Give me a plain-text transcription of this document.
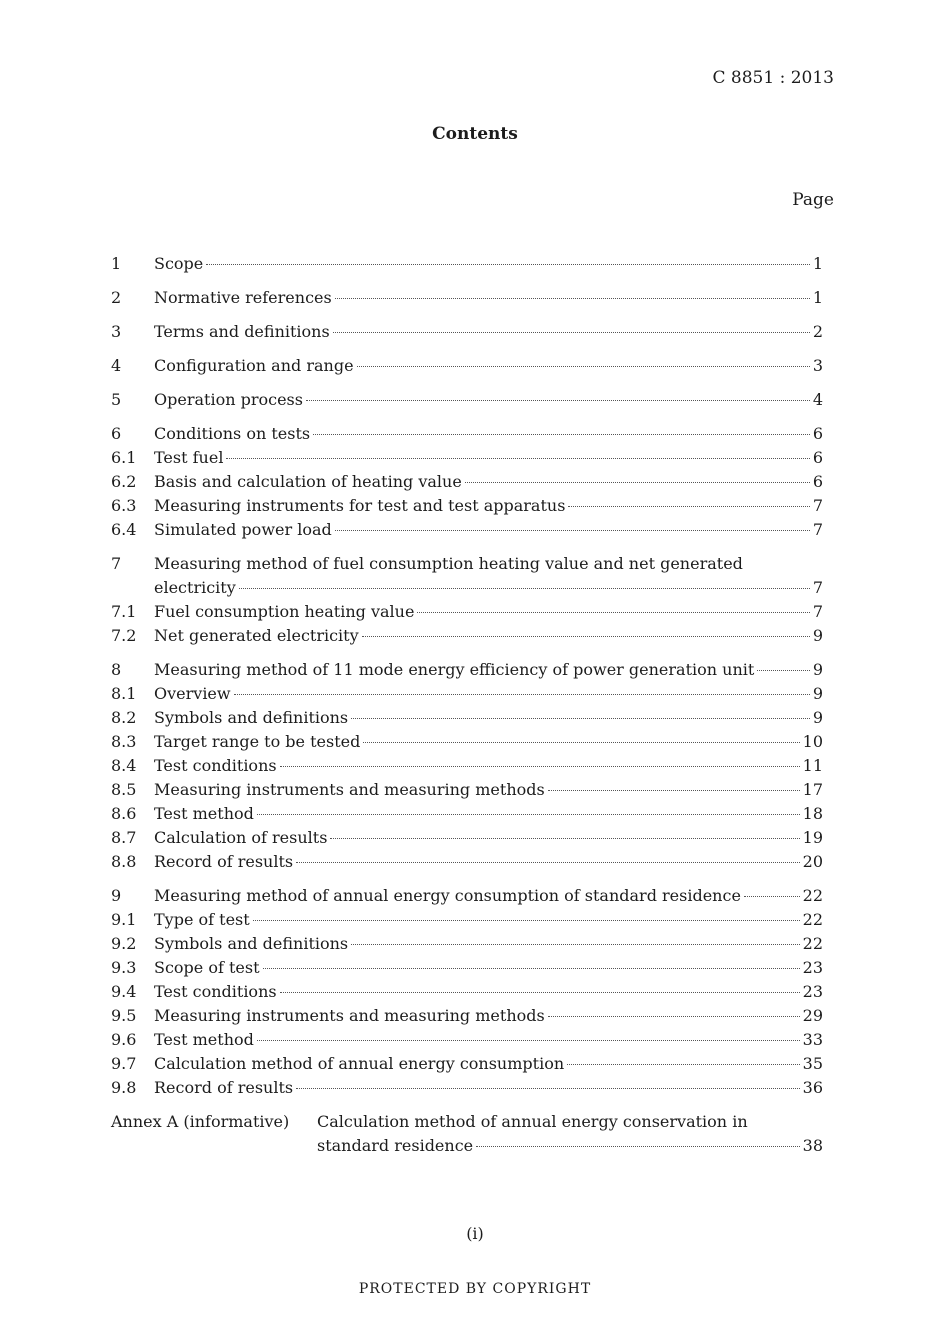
C 8851 : 2013
Contents
Page
1	Scope	1
2	Normative references	1
3	Terms and definitions	2
4	Configuration and range	3
5	Operation process	4
6	Conditions on tests	6
6.1	Test fuel	6
6.2	Basis and calculation of heating value	6
6.3	Measuring instruments for test and test apparatus	7
6.4	Simulated power load	7
7	Measuring method of fuel consumption heating value and net generated
electricity	7
7.1	Fuel consumption heating value	7
7.2	Net generated electricity	9
8	Measuring method of 11 mode energy efficiency of power generation unit	9
8.1	Overview	9
8.2	Symbols and definitions	9
8.3	Target range to be tested	10
8.4	Test conditions	11
8.5	Measuring instruments and measuring methods	17
8.6	Test method	18
8.7	Calculation of results	19
8.8	Record of results	20
9	Measuring method of annual energy consumption of standard residence	22
9.1	Type of test	22
9.2	Symbols and definitions	22
9.3	Scope of test	23
9.4	Test conditions	23
9.5	Measuring instruments and measuring methods	29
9.6	Test method	33
9.7	Calculation method of annual energy consumption	35
9.8	Record of results	36
Annex A (informative)	Calculation method of annual energy conservation in
standard residence	38
(i)
PROTECTED BY COPYRIGHT
